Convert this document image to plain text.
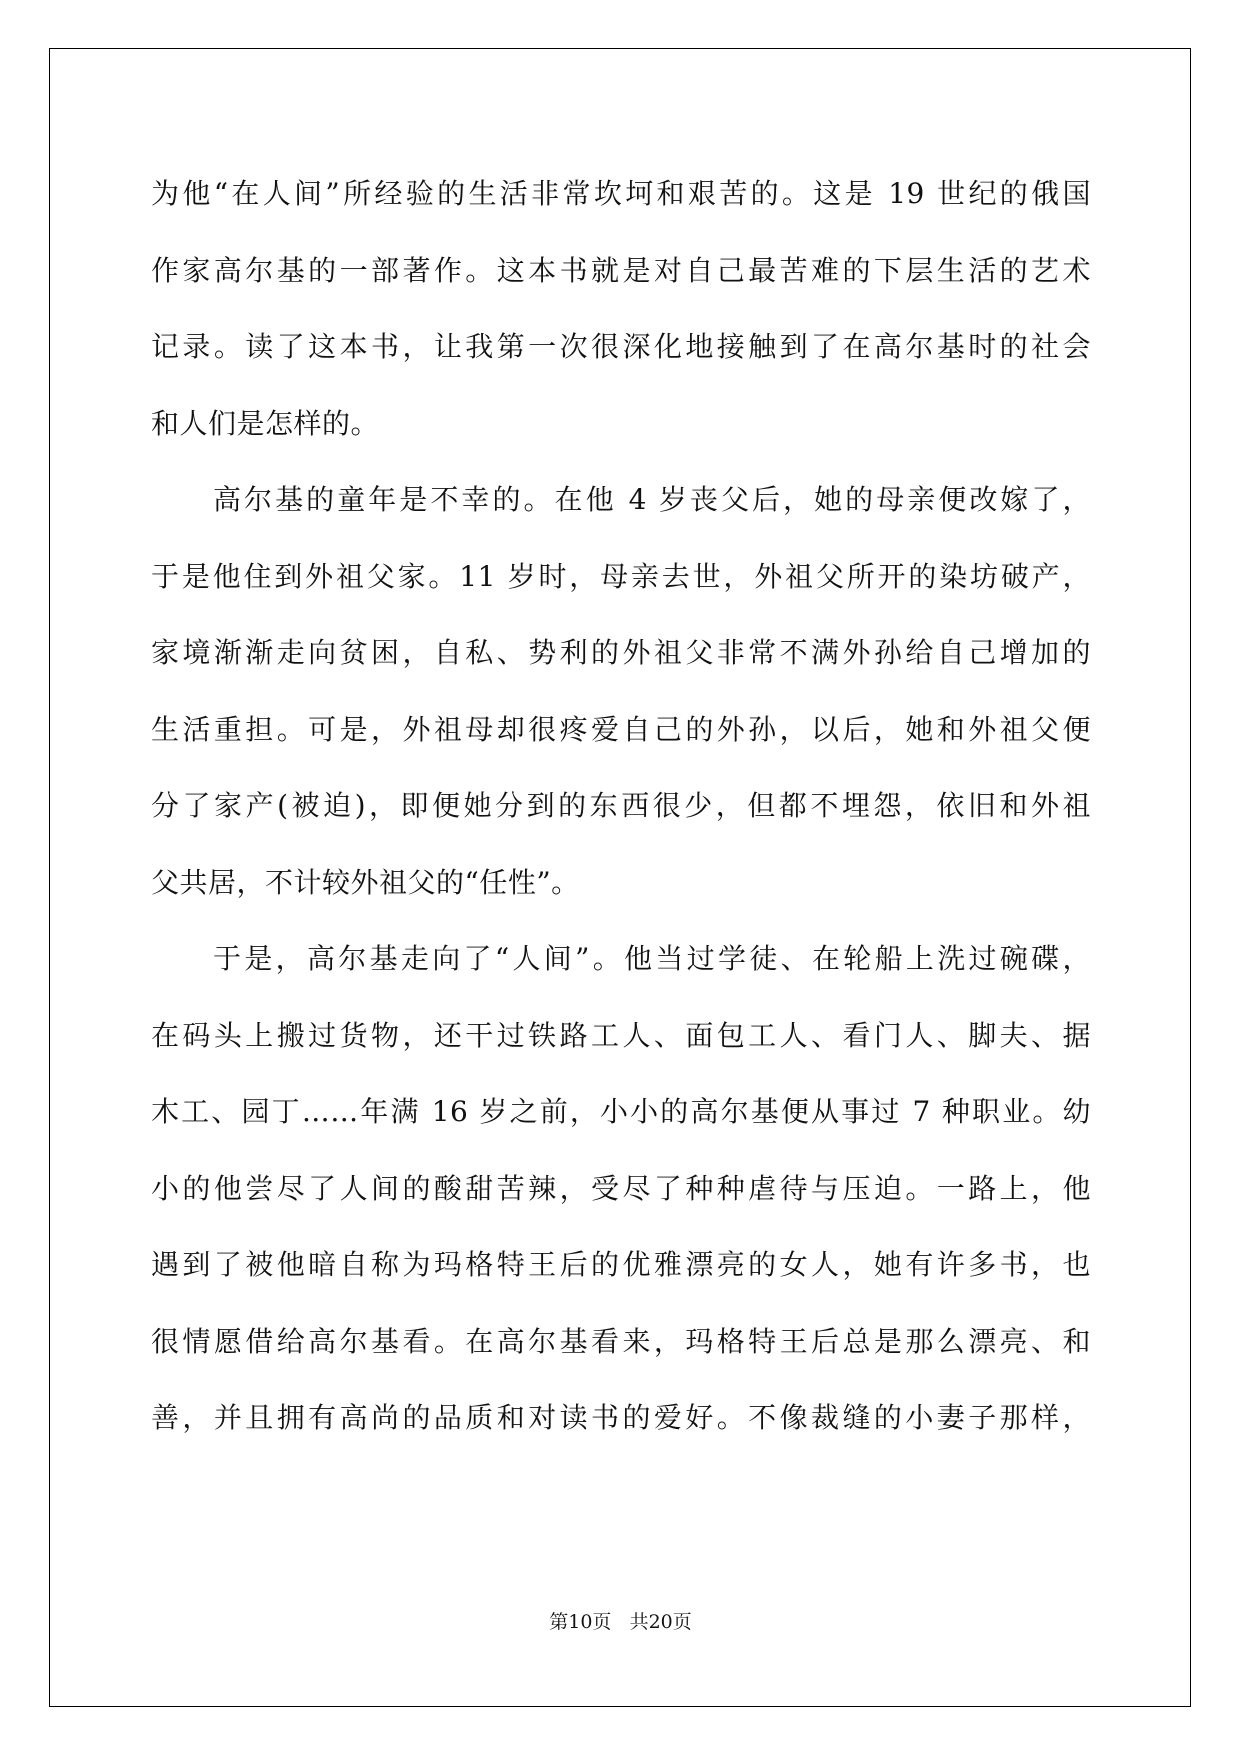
为他“在人间”所经验的生活非常坎坷和艰苦的。这是 19 世纪的俄国
作家高尔基的一部著作。这本书就是对自己最苦难的下层生活的艺术
记录。读了这本书，让我第一次很深化地接触到了在高尔基时的社会
和人们是怎样的。
高尔基的童年是不幸的。在他 4 岁丧父后，她的母亲便改嫁了，
于是他住到外祖父家。11 岁时，母亲去世，外祖父所开的染坊破产，
家境渐渐走向贫困，自私、势利的外祖父非常不满外孙给自己增加的
生活重担。可是，外祖母却很疼爱自己的外孙，以后，她和外祖父便
分了家产(被迫)，即便她分到的东西很少，但都不埋怨，依旧和外祖
父共居，不计较外祖父的“任性”。
于是，高尔基走向了“人间”。他当过学徒、在轮船上洗过碗碟，
在码头上搬过货物，还干过铁路工人、面包工人、看门人、脚夫、据
木工、园丁……年满 16 岁之前，小小的高尔基便从事过 7 种职业。幼
小的他尝尽了人间的酸甜苦辣，受尽了种种虐待与压迫。一路上，他
遇到了被他暗自称为玛格特王后的优雅漂亮的女人，她有许多书，也
很情愿借给高尔基看。在高尔基看来，玛格特王后总是那么漂亮、和
善，并且拥有高尚的品质和对读书的爱好。不像裁缝的小妻子那样，
第10页 共20页
